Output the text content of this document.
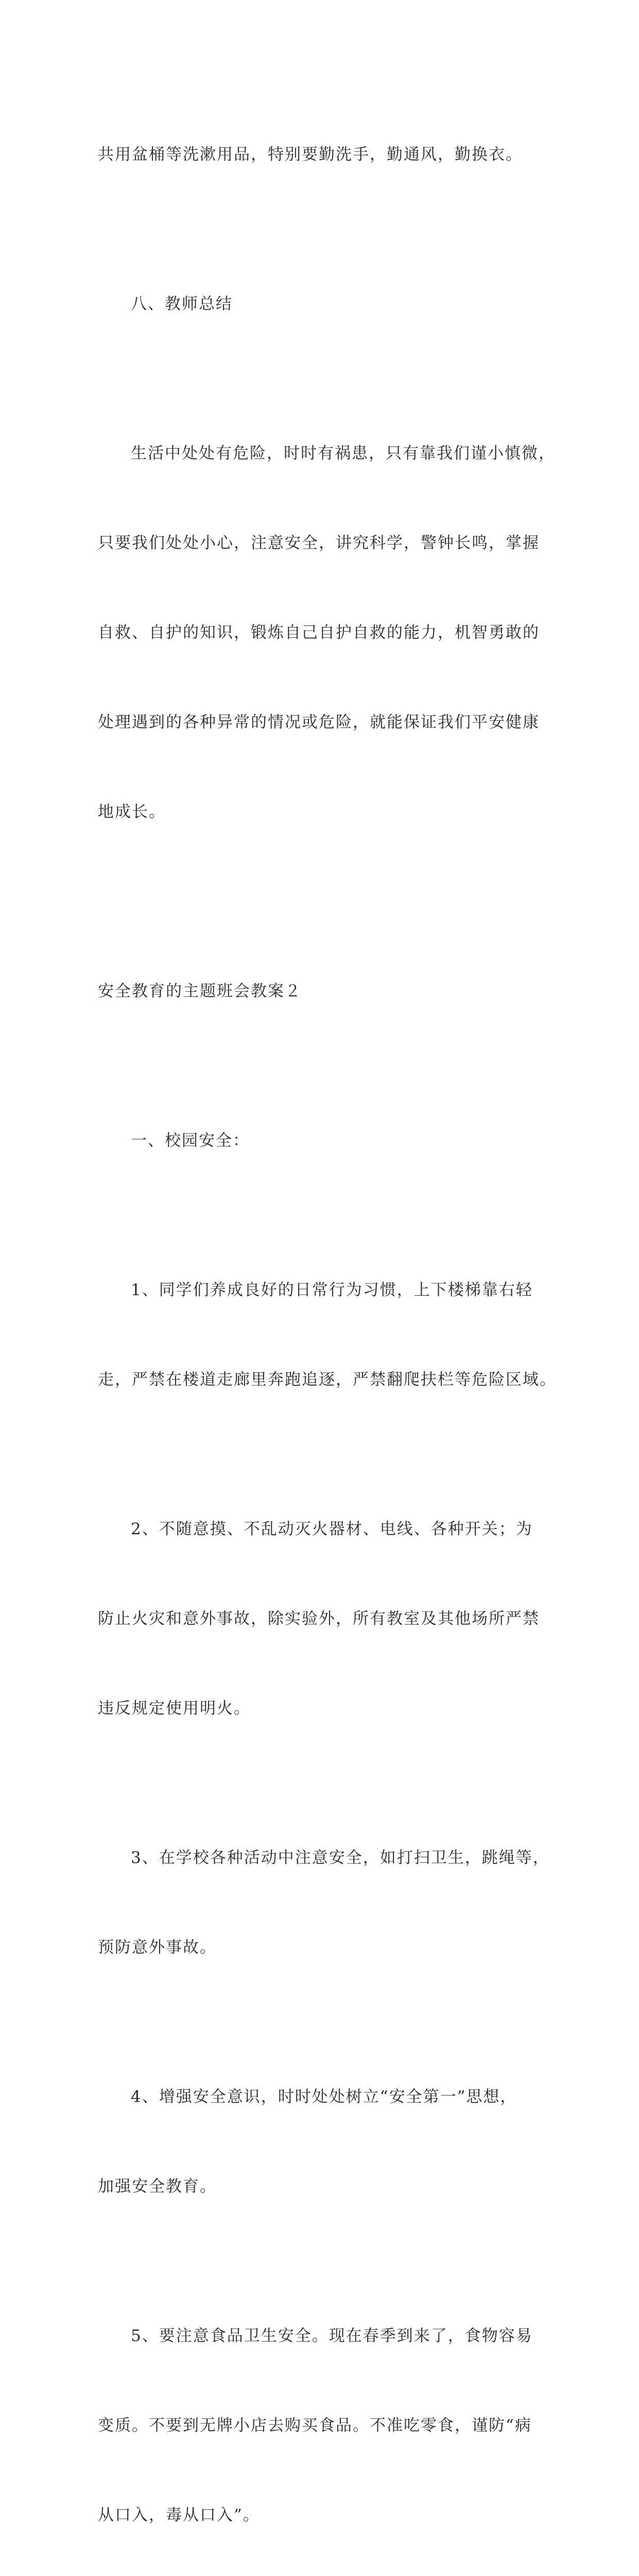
共用盆桶等洗漱用品，特别要勤洗手，勤通风，勤换衣。

八、教师总结

生活中处处有危险，时时有祸患，只有靠我们谨小慎微，

只要我们处处小心，注意安全，讲究科学，警钟长鸣，掌握

自救、自护的知识，锻炼自己自护自救的能力，机智勇敢的

处理遇到的各种异常的情况或危险，就能保证我们平安健康

地成长。

安全教育的主题班会教案２

一、校园安全：

1、同学们养成良好的日常行为习惯，上下楼梯靠右轻

走，严禁在楼道走廊里奔跑追逐，严禁翻爬扶栏等危险区域。

2、不随意摸、不乱动灭火器材、电线、各种开关；为

防止火灾和意外事故，除实验外，所有教室及其他场所严禁

违反规定使用明火。

3、在学校各种活动中注意安全，如打扫卫生，跳绳等，

预防意外事故。

4、增强安全意识，时时处处树立“安全第一”思想，

加强安全教育。

5、要注意食品卫生安全。现在春季到来了，食物容易

变质。不要到无牌小店去购买食品。不准吃零食，谨防“病

从口入，毒从口入”。
